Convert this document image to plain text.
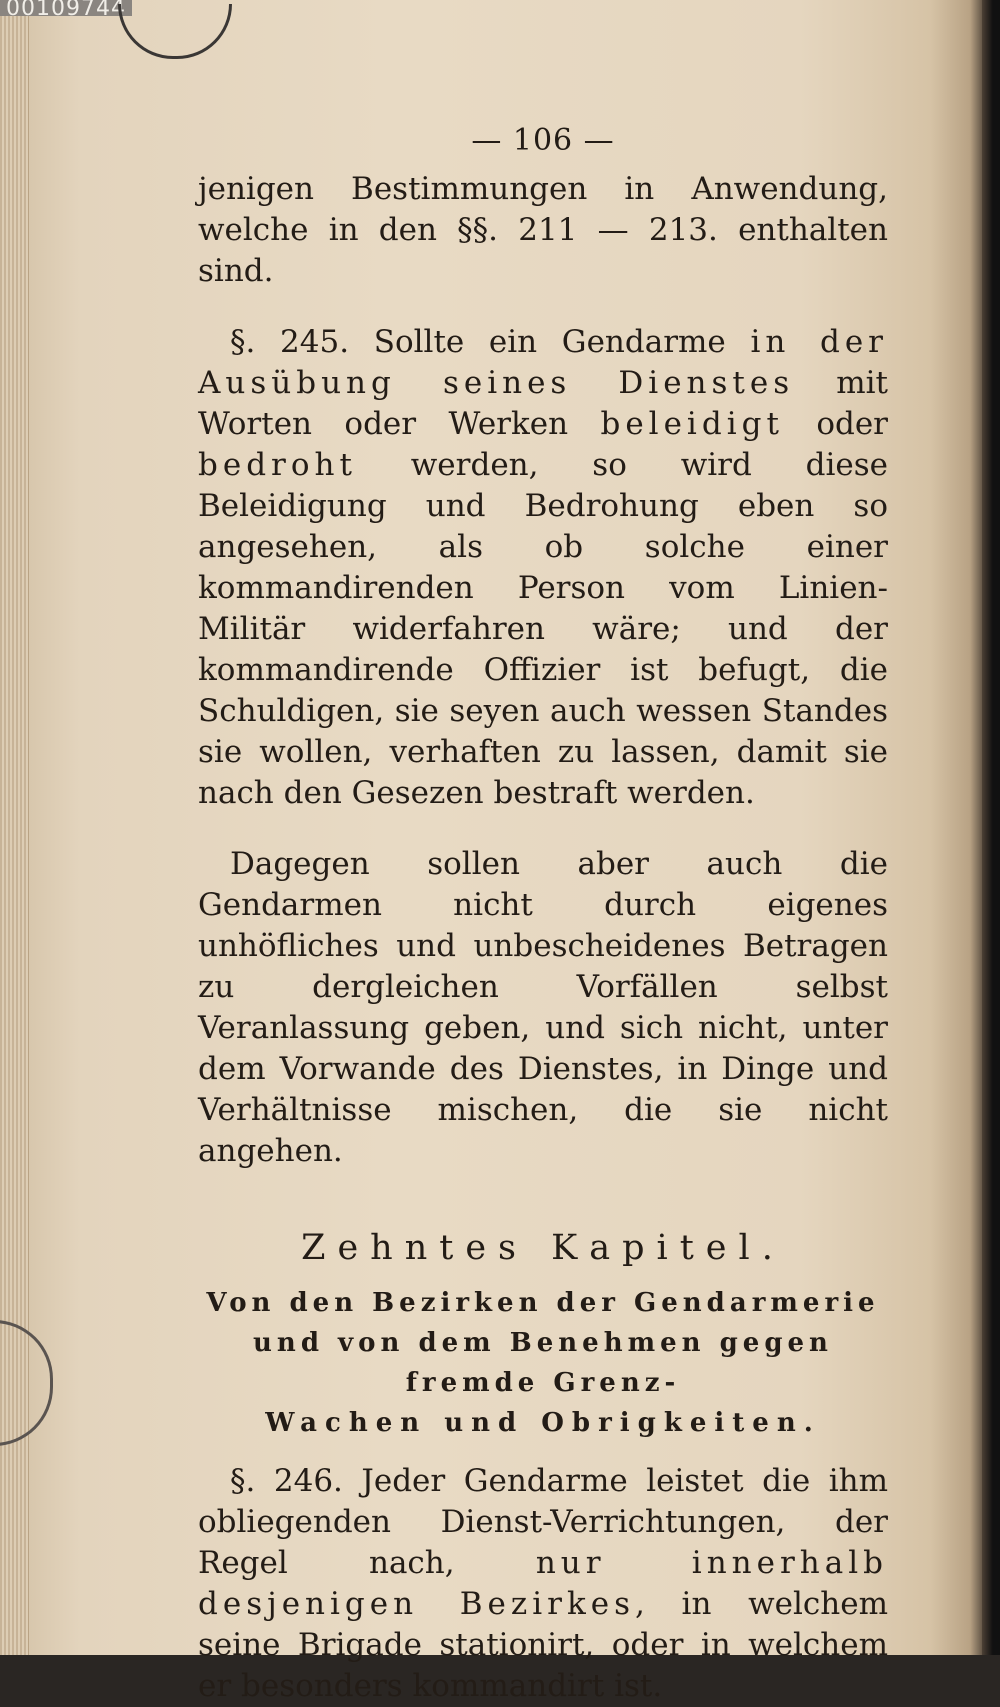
00109744
— 106 —

jenigen Bestimmungen in Anwendung, welche in den §§. 211 — 213. enthalten sind.

§. 245. Sollte ein Gendarme in der Ausübung seines Dienstes mit Worten oder Werken beleidigt oder bedroht werden, so wird diese Beleidigung und Bedrohung eben so angesehen, als ob solche einer kommandirenden Person vom Linien-Militär widerfahren wäre; und der kommandirende Offizier ist befugt, die Schuldigen, sie seyen auch wessen Standes sie wollen, verhaften zu lassen, damit sie nach den Gesezen bestraft werden.

Dagegen sollen aber auch die Gendarmen nicht durch eigenes unhöfliches und unbescheidenes Betragen zu dergleichen Vorfällen selbst Veranlassung geben, und sich nicht, unter dem Vorwande des Dienstes, in Dinge und Verhältnisse mischen, die sie nicht angehen.

Zehntes Kapitel.
Von den Bezirken der Gendarmerie und von dem Benehmen gegen fremde Grenz-
Wachen und Obrigkeiten.

§. 246. Jeder Gendarme leistet die ihm obliegenden Dienst-Verrichtungen, der Regel nach, nur innerhalb desjenigen Bezirkes, in welchem seine Brigade stationirt, oder in welchem er besonders kommandirt ist.
